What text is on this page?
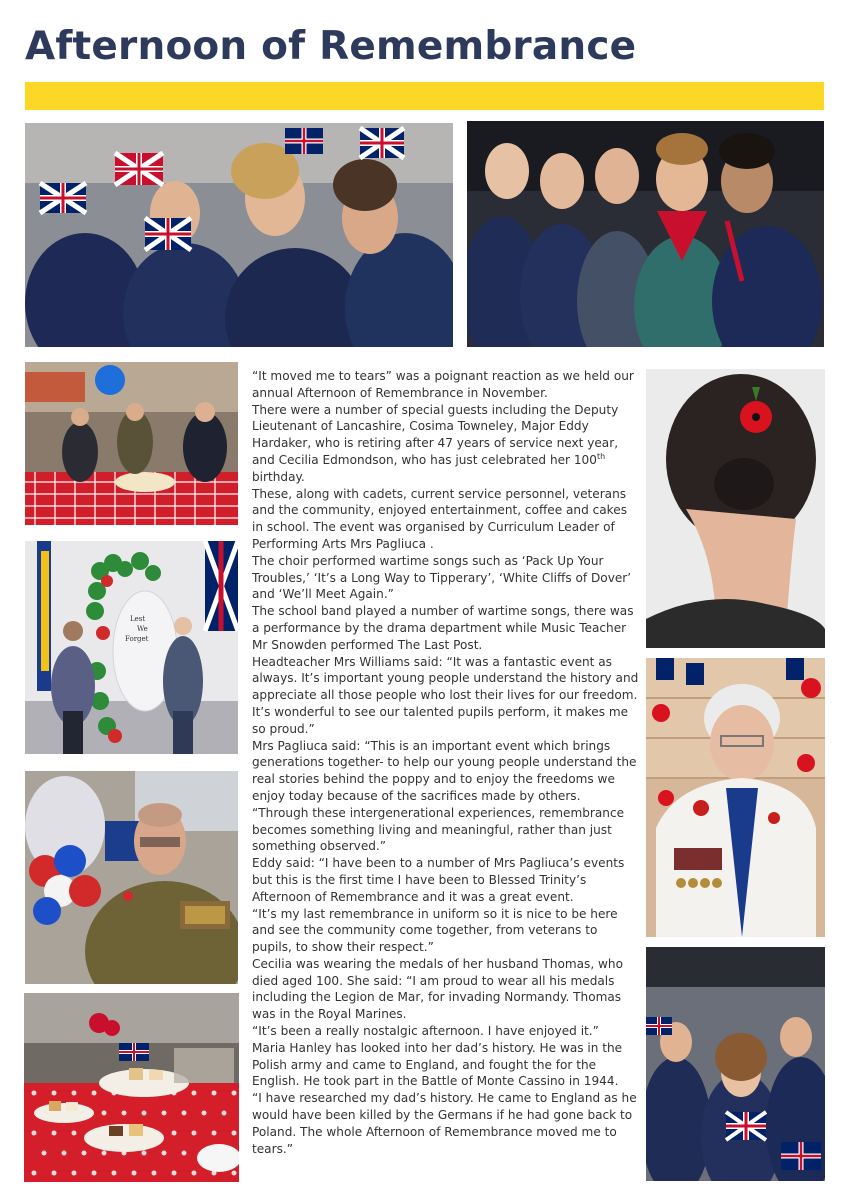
Afternoon of Remembrance
Lest
We
Forget

“It moved me to tears” was a poignant reaction as we held our annual Afternoon of Remembrance in November.

There were a number of special guests including the Deputy Lieutenant of Lancashire, Cosima Towneley, Major Eddy Hardaker, who is retiring after 47 years of service next year, and Cecilia Edmondson, who has just celebrated her 100th birthday.

These, along with cadets, current service personnel, veterans and the community, enjoyed entertainment, coffee and cakes in school. The event was organised by Curriculum Leader of Performing Arts Mrs Pagliuca .

The choir performed wartime songs such as ‘Pack Up Your Troubles,’ ‘It’s a Long Way to Tipperary’, ‘White Cliffs of Dover’ and ‘We’ll Meet Again.”

The school band played a number of wartime songs, there was a performance by the drama department while Music Teacher Mr Snowden performed The Last Post.

Headteacher Mrs Williams said: “It was a fantastic event as always. It’s important young people understand the history and appreciate all those people who lost their lives for our freedom. It’s wonderful to see our talented pupils perform, it makes me so proud.”

Mrs Pagliuca said: “This is an important event which brings generations together- to help our young people understand the real stories behind the poppy and to enjoy the freedoms we enjoy today because of the sacrifices made by others.

“Through these intergenerational experiences, remembrance becomes something living and meaningful, rather than just something observed.”

Eddy said: “I have been to a number of Mrs Pagliuca’s events but this is the first time I have been to Blessed Trinity’s Afternoon of Remembrance and it was a great event.

“It’s my last remembrance in uniform so it is nice to be here and see the community come together, from veterans to pupils, to show their respect.”

Cecilia was wearing the medals of her husband Thomas, who died aged 100. She said: “I am proud to wear all his medals including the Legion de Mar, for invading Normandy. Thomas was in the Royal Marines.

“It’s been a really nostalgic afternoon. I have enjoyed it.”

Maria Hanley has looked into her dad’s history. He was in the Polish army and came to England, and fought the for the English. He took part in the Battle of Monte Cassino in 1944.

“I have researched my dad’s history. He came to England as he would have been killed by the Germans if he had gone back to Poland. The whole Afternoon of Remembrance moved me to tears.”
